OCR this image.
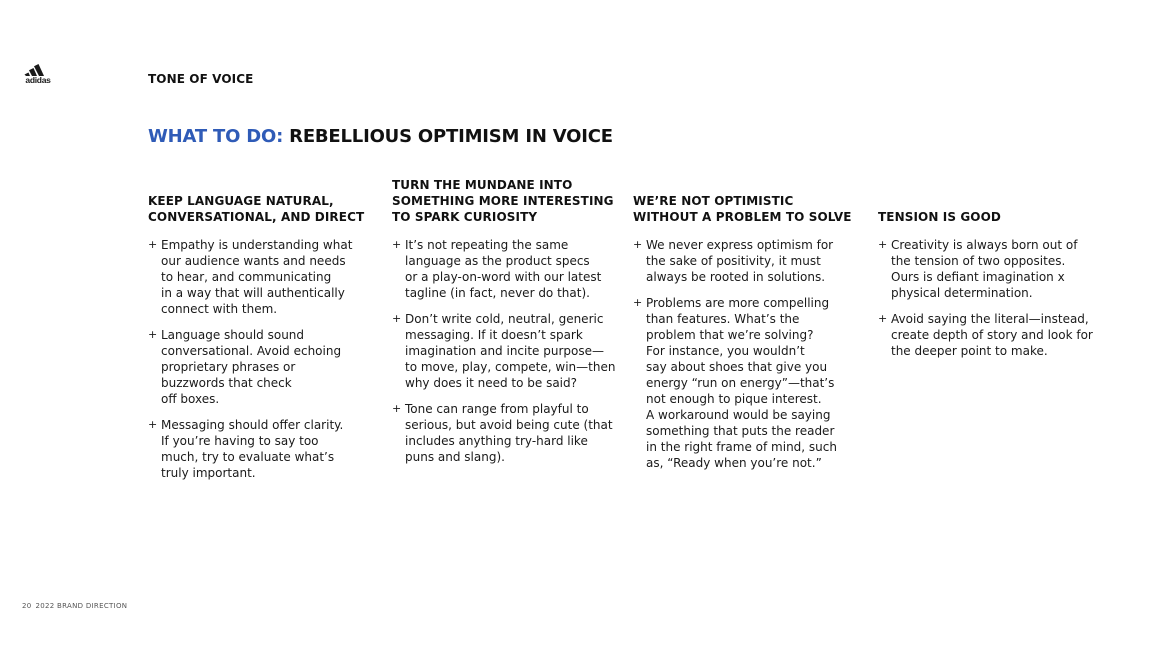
adidas	TONE OF VOICE
WHAT TO DO: REBELLIOUS OPTIMISM IN VOICE
KEEP LANGUAGE NATURAL,
CONVERSATIONAL, AND DIRECT
+ Empathy is understanding what
our audience wants and needs
to hear, and communicating
in a way that will authentically
connect with them.
+ Language should sound
conversational. Avoid echoing
proprietary phrases or
buzzwords that check
off boxes.
+ Messaging should offer clarity.
If you’re having to say too
much, try to evaluate what’s
truly important.
TURN THE MUNDANE INTO
SOMETHING MORE INTERESTING
TO SPARK CURIOSITY
+ It’s not repeating the same
language as the product specs
or a play-on-word with our latest
tagline (in fact, never do that).
+ Don’t write cold, neutral, generic
messaging. If it doesn’t spark
imagination and incite purpose—
to move, play, compete, win—then
why does it need to be said?
+ Tone can range from playful to
serious, but avoid being cute (that
includes anything try-hard like
puns and slang).
WE’RE NOT OPTIMISTIC
WITHOUT A PROBLEM TO SOLVE
+ We never express optimism for
the sake of positivity, it must
always be rooted in solutions.
+ Problems are more compelling
than features. What’s the
problem that we’re solving?
For instance, you wouldn’t
say about shoes that give you
energy “run on energy”—that’s
not enough to pique interest.
A workaround would be saying
something that puts the reader
in the right frame of mind, such
as, “Ready when you’re not.”
TENSION IS GOOD
+ Creativity is always born out of
the tension of two opposites.
Ours is defiant imagination x
physical determination.
+ Avoid saying the literal—instead,
create depth of story and look for
the deeper point to make.
20 2022 BRAND DIRECTION
